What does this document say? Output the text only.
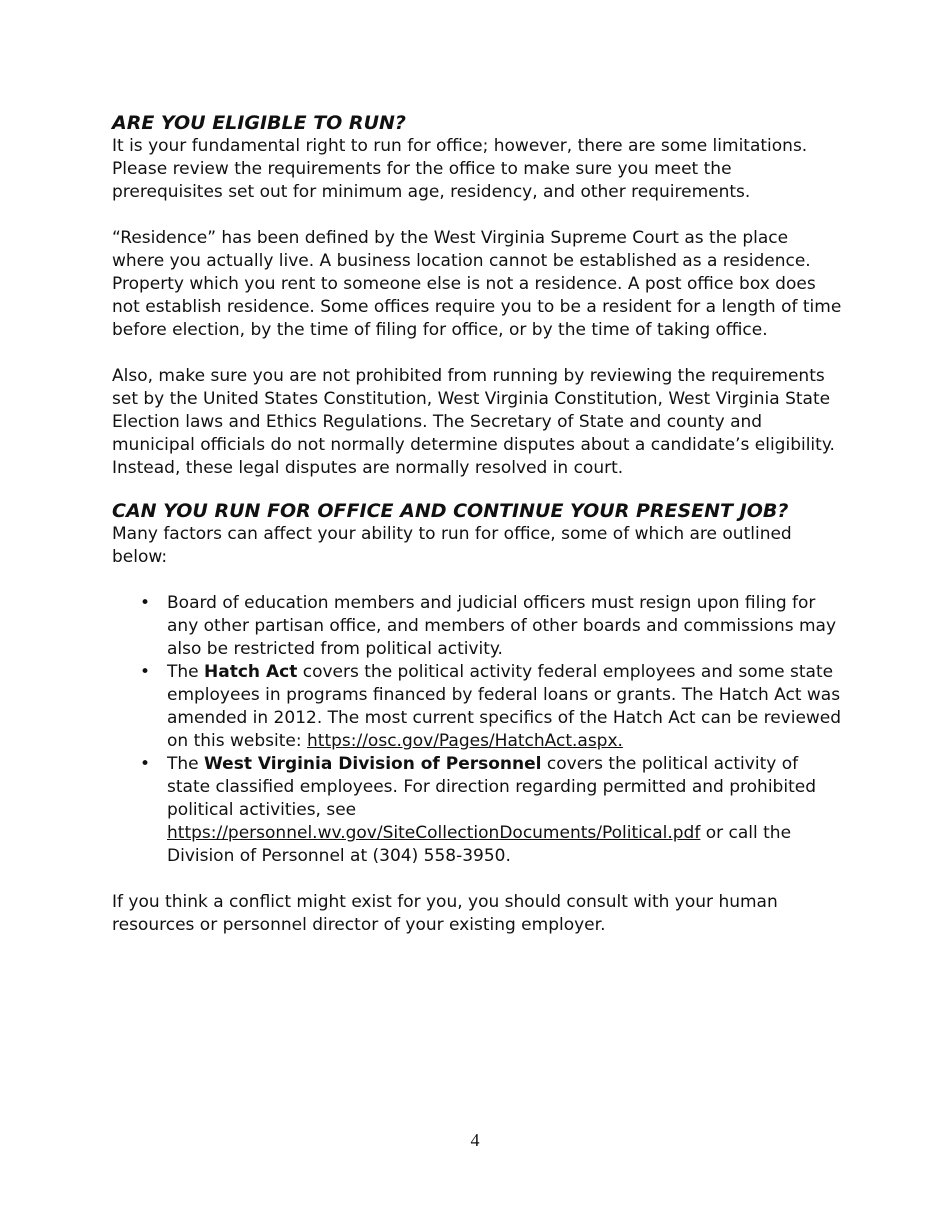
ARE YOU ELIGIBLE TO RUN?

It is your fundamental right to run for office; however, there are some limitations. Please review the requirements for the office to make sure you meet the prerequisites set out for minimum age, residency, and other requirements.

“Residence” has been defined by the West Virginia Supreme Court as the place where you actually live. A business location cannot be established as a residence. Property which you rent to someone else is not a residence. A post office box does not establish residence. Some offices require you to be a resident for a length of time before election, by the time of filing for office, or by the time of taking office.

Also, make sure you are not prohibited from running by reviewing the requirements set by the United States Constitution, West Virginia Constitution, West Virginia State Election laws and Ethics Regulations. The Secretary of State and county and municipal officials do not normally determine disputes about a candidate’s eligibility. Instead, these legal disputes are normally resolved in court.

CAN YOU RUN FOR OFFICE AND CONTINUE YOUR PRESENT JOB?

Many factors can affect your ability to run for office, some of which are outlined below:

• Board of education members and judicial officers must resign upon filing for any other partisan office, and members of other boards and commissions may also be restricted from political activity.
• The Hatch Act covers the political activity federal employees and some state employees in programs financed by federal loans or grants. The Hatch Act was amended in 2012. The most current specifics of the Hatch Act can be reviewed on this website: https://osc.gov/Pages/HatchAct.aspx.
• The West Virginia Division of Personnel covers the political activity of state classified employees. For direction regarding permitted and prohibited political activities, see https://personnel.wv.gov/SiteCollectionDocuments/Political.pdf or call the Division of Personnel at (304) 558-3950.

If you think a conflict might exist for you, you should consult with your human resources or personnel director of your existing employer.

4
